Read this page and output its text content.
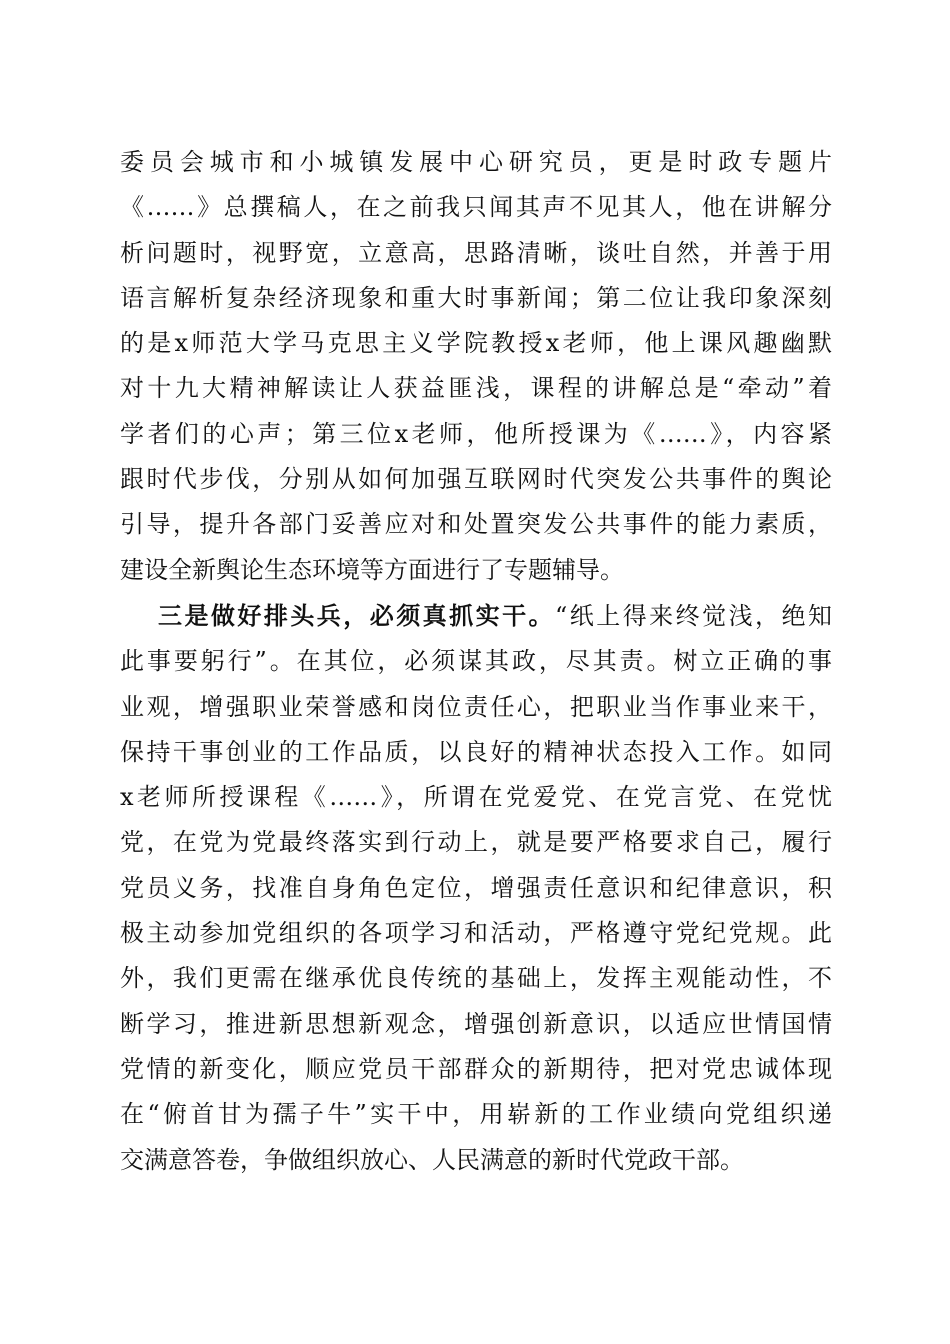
委员会城市和小城镇发展中心研究员，更是时政专题片
《……》总撰稿人，在之前我只闻其声不见其人，他在讲解分
析问题时，视野宽，立意高，思路清晰，谈吐自然，并善于用
语言解析复杂经济现象和重大时事新闻；第二位让我印象深刻
的是x师范大学马克思主义学院教授x老师，他上课风趣幽默
对十九大精神解读让人获益匪浅，课程的讲解总是“牵动”着
学者们的心声；第三位x老师，他所授课为《……》，内容紧
跟时代步伐，分别从如何加强互联网时代突发公共事件的舆论
引导，提升各部门妥善应对和处置突发公共事件的能力素质，
建设全新舆论生态环境等方面进行了专题辅导。
三是做好排头兵，必须真抓实干。“纸上得来终觉浅，绝知
此事要躬行”。在其位，必须谋其政，尽其责。树立正确的事
业观，增强职业荣誉感和岗位责任心，把职业当作事业来干，
保持干事创业的工作品质，以良好的精神状态投入工作。如同
x老师所授课程《……》，所谓在党爱党、在党言党、在党忧
党，在党为党最终落实到行动上，就是要严格要求自己，履行
党员义务，找准自身角色定位，增强责任意识和纪律意识，积
极主动参加党组织的各项学习和活动，严格遵守党纪党规。此
外，我们更需在继承优良传统的基础上，发挥主观能动性，不
断学习，推进新思想新观念，增强创新意识，以适应世情国情
党情的新变化，顺应党员干部群众的新期待，把对党忠诚体现
在“俯首甘为孺子牛”实干中，用崭新的工作业绩向党组织递
交满意答卷，争做组织放心、人民满意的新时代党政干部。
